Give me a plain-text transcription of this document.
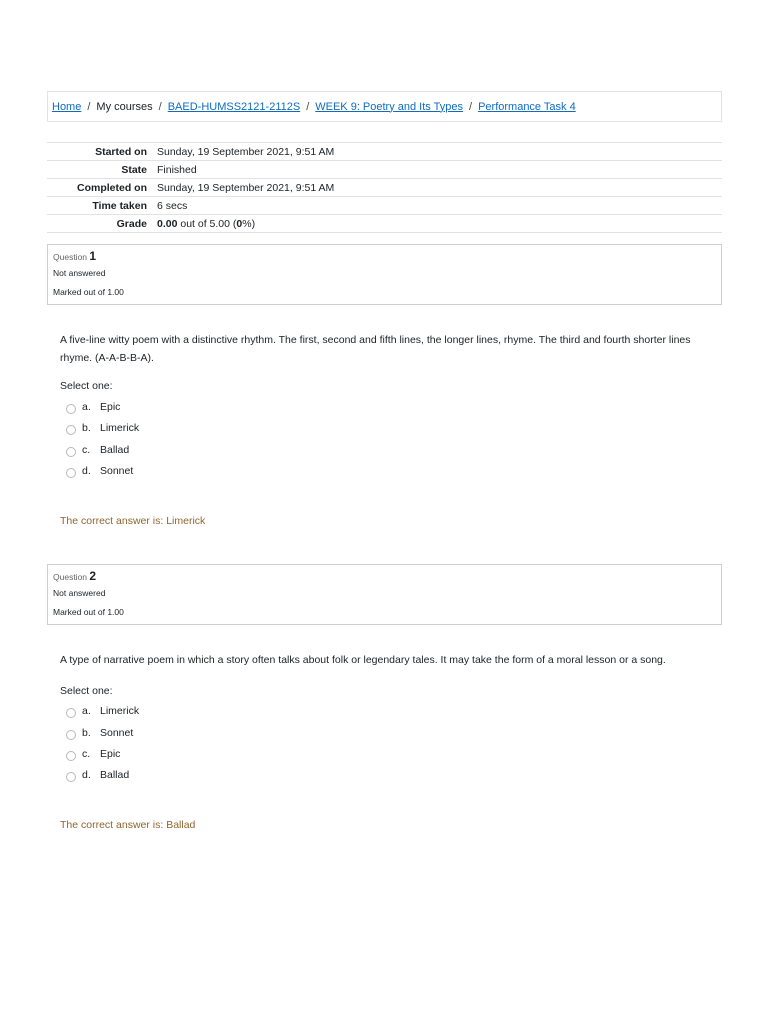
Home / My courses / BAED-HUMSS2121-2112S / WEEK 9: Poetry and Its Types / Performance Task 4
Started on	Sunday, 19 September 2021, 9:51 AM
State	Finished
Completed on	Sunday, 19 September 2021, 9:51 AM
Time taken	6 secs
Grade	0.00 out of 5.00 (0%)
Question 1
Not answered
Marked out of 1.00
A five-line witty poem with a distinctive rhythm. The first, second and fifth lines, the longer lines, rhyme. The third and fourth shorter lines rhyme. (A-A-B-B-A).
Select one:
a. Epic
b. Limerick
c. Ballad
d. Sonnet
The correct answer is: Limerick
Question 2
Not answered
Marked out of 1.00
A type of narrative poem in which a story often talks about folk or legendary tales. It may take the form of a moral lesson or a song.
Select one:
a. Limerick
b. Sonnet
c. Epic
d. Ballad
The correct answer is: Ballad
